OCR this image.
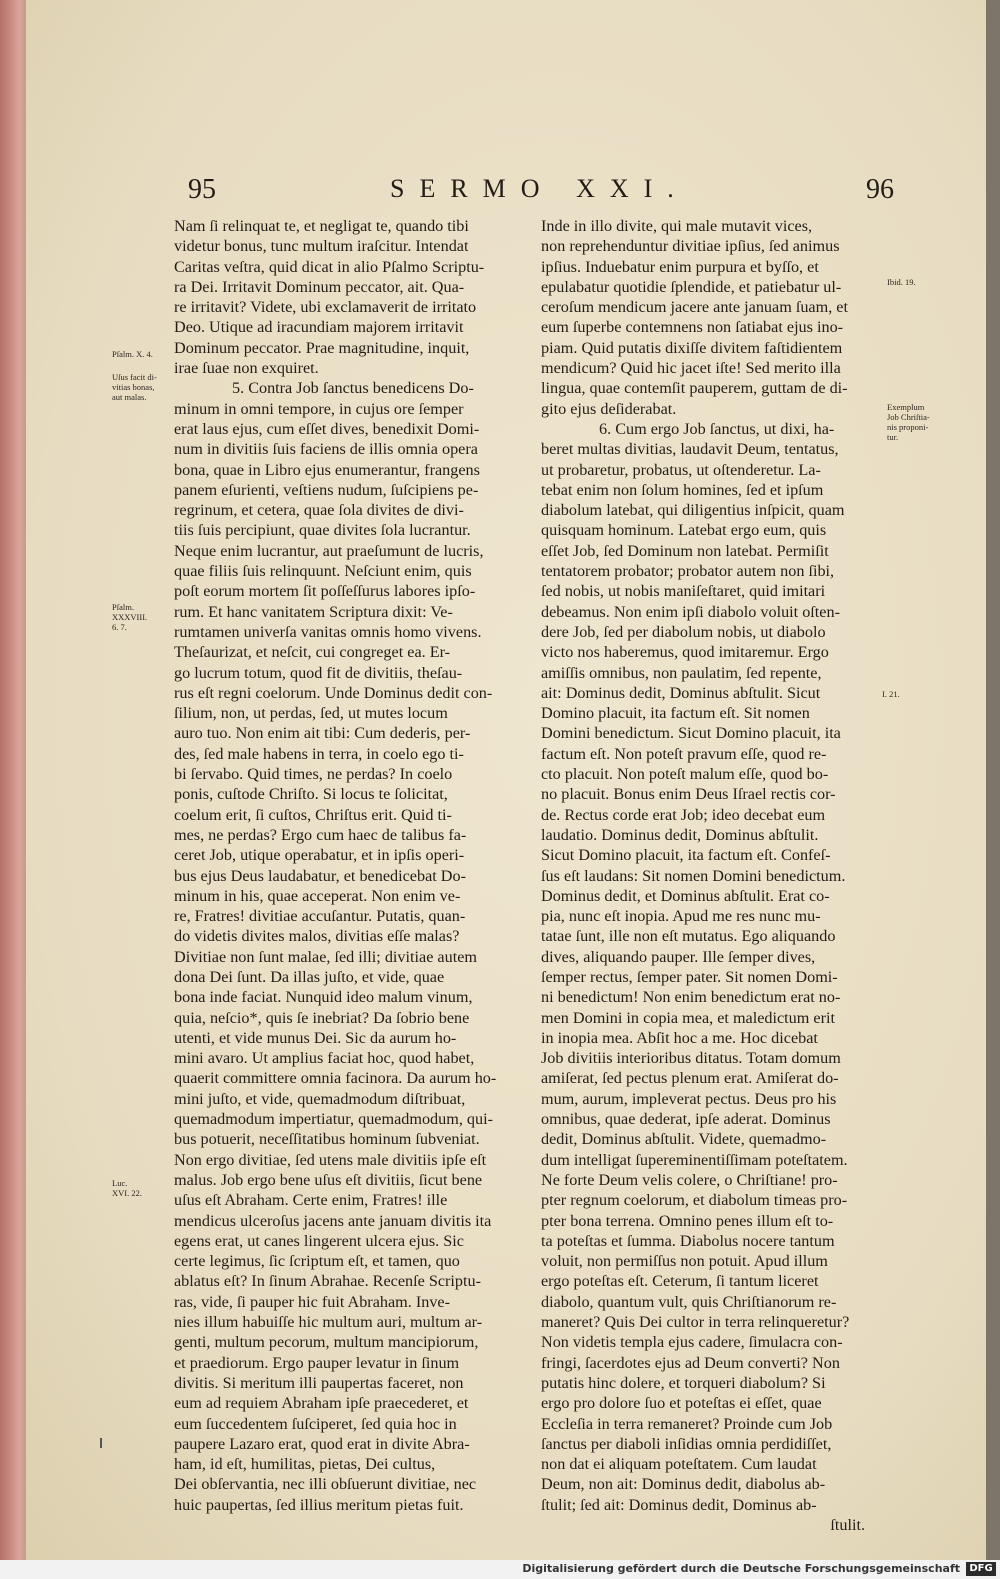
95	SERMO XXI.	96
Pſalm. X. 4.
Uſus facit di-
vitias bonas,
aut malas.
Pſalm.
XXXVIII.
6. 7.
Luc.
XVI. 22.
Ibid. 19.
Exemplum
Job Chriſtia-
nis proponi-
tur.
I. 21.
Nam ſi relinquat te, et negligat te, quando tibi
videtur bonus, tunc multum iraſcitur. Intendat
Caritas veſtra, quid dicat in alio Pſalmo Scriptu-
ra Dei. Irritavit Dominum peccator, ait. Qua-
re irritavit? Videte, ubi exclamaverit de irritato
Deo. Utique ad iracundiam majorem irritavit
Dominum peccator. Prae magnitudine, inquit,
irae ſuae non exquiret.
5. Contra Job ſanctus benedicens Do-
minum in omni tempore, in cujus ore ſemper
erat laus ejus, cum eſſet dives, benedixit Domi-
num in divitiis ſuis faciens de illis omnia opera
bona, quae in Libro ejus enumerantur, frangens
panem eſurienti, veſtiens nudum, ſuſcipiens pe-
regrinum, et cetera, quae ſola divites de divi-
tiis ſuis percipiunt, quae divites ſola lucrantur.
Neque enim lucrantur, aut praeſumunt de lucris,
quae filiis ſuis relinquunt. Neſciunt enim, quis
poſt eorum mortem ſit poſſeſſurus labores ipſo-
rum. Et hanc vanitatem Scriptura dixit: Ve-
rumtamen univerſa vanitas omnis homo vivens.
Theſaurizat, et neſcit, cui congreget ea. Er-
go lucrum totum, quod fit de divitiis, theſau-
rus eſt regni coelorum. Unde Dominus dedit con-
ſilium, non, ut perdas, ſed, ut mutes locum
auro tuo. Non enim ait tibi: Cum dederis, per-
des, ſed male habens in terra, in coelo ego ti-
bi ſervabo. Quid times, ne perdas? In coelo
ponis, cuſtode Chriſto. Si locus te ſolicitat,
coelum erit, ſi cuſtos, Chriſtus erit. Quid ti-
mes, ne perdas? Ergo cum haec de talibus fa-
ceret Job, utique operabatur, et in ipſis operi-
bus ejus Deus laudabatur, et benedicebat Do-
minum in his, quae acceperat. Non enim ve-
re, Fratres! divitiae accuſantur. Putatis, quan-
do videtis divites malos, divitias eſſe malas?
Divitiae non ſunt malae, ſed illi; divitiae autem
dona Dei ſunt. Da illas juſto, et vide, quae
bona inde faciat. Nunquid ideo malum vinum,
quia, neſcio*, quis ſe inebriat? Da ſobrio bene
utenti, et vide munus Dei. Sic da aurum ho-
mini avaro. Ut amplius faciat hoc, quod habet,
quaerit committere omnia facinora. Da aurum ho-
mini juſto, et vide, quemadmodum diſtribuat,
quemadmodum impertiatur, quemadmodum, qui-
bus potuerit, neceſſitatibus hominum ſubveniat.
Non ergo divitiae, ſed utens male divitiis ipſe eſt
malus. Job ergo bene uſus eſt divitiis, ſicut bene
uſus eſt Abraham. Certe enim, Fratres! ille
mendicus ulceroſus jacens ante januam divitis ita
egens erat, ut canes lingerent ulcera ejus. Sic
certe legimus, ſic ſcriptum eſt, et tamen, quo
ablatus eſt? In ſinum Abrahae. Recenſe Scriptu-
ras, vide, ſi pauper hic fuit Abraham. Inve-
nies illum habuiſſe hic multum auri, multum ar-
genti, multum pecorum, multum mancipiorum,
et praediorum. Ergo pauper levatur in ſinum
divitis. Si meritum illi paupertas faceret, non
eum ad requiem Abraham ipſe praecederet, et
eum ſuccedentem ſuſciperet, ſed quia hoc in
paupere Lazaro erat, quod erat in divite Abra-
ham, id eſt, humilitas, pietas, Dei cultus,
Dei obſervantia, nec illi obſuerunt divitiae, nec
huic paupertas, ſed illius meritum pietas fuit.
Inde in illo divite, qui male mutavit vices,
non reprehenduntur divitiae ipſius, ſed animus
ipſius. Induebatur enim purpura et byſſo, et
epulabatur quotidie ſplendide, et patiebatur ul-
ceroſum mendicum jacere ante januam ſuam, et
eum ſuperbe contemnens non ſatiabat ejus ino-
piam. Quid putatis dixiſſe divitem faſtidientem
mendicum? Quid hic jacet iſte! Sed merito illa
lingua, quae contemſit pauperem, guttam de di-
gito ejus deſiderabat.
6. Cum ergo Job ſanctus, ut dixi, ha-
beret multas divitias, laudavit Deum, tentatus,
ut probaretur, probatus, ut oſtenderetur. La-
tebat enim non ſolum homines, ſed et ipſum
diabolum latebat, qui diligentius inſpicit, quam
quisquam hominum. Latebat ergo eum, quis
eſſet Job, ſed Dominum non latebat. Permiſit
tentatorem probator; probator autem non ſibi,
ſed nobis, ut nobis maniſeſtaret, quid imitari
debeamus. Non enim ipſi diabolo voluit oſten-
dere Job, ſed per diabolum nobis, ut diabolo
victo nos haberemus, quod imitaremur. Ergo
amiſſis omnibus, non paulatim, ſed repente,
ait: Dominus dedit, Dominus abſtulit. Sicut
Domino placuit, ita factum eſt. Sit nomen
Domini benedictum. Sicut Domino placuit, ita
factum eſt. Non poteſt pravum eſſe, quod re-
cto placuit. Non poteſt malum eſſe, quod bo-
no placuit. Bonus enim Deus Iſrael rectis cor-
de. Rectus corde erat Job; ideo decebat eum
laudatio. Dominus dedit, Dominus abſtulit.
Sicut Domino placuit, ita factum eſt. Confeſ-
ſus eſt laudans: Sit nomen Domini benedictum.
Dominus dedit, et Dominus abſtulit. Erat co-
pia, nunc eſt inopia. Apud me res nunc mu-
tatae ſunt, ille non eſt mutatus. Ego aliquando
dives, aliquando pauper. Ille ſemper dives,
ſemper rectus, ſemper pater. Sit nomen Domi-
ni benedictum! Non enim benedictum erat no-
men Domini in copia mea, et maledictum erit
in inopia mea. Abſit hoc a me. Hoc dicebat
Job divitiis interioribus ditatus. Totam domum
amiſerat, ſed pectus plenum erat. Amiſerat do-
mum, aurum, impleverat pectus. Deus pro his
omnibus, quae dederat, ipſe aderat. Dominus
dedit, Dominus abſtulit. Videte, quemadmo-
dum intelligat ſupereminentiſſimam poteſtatem.
Ne forte Deum velis colere, o Chriſtiane! pro-
pter regnum coelorum, et diabolum timeas pro-
pter bona terrena. Omnino penes illum eſt to-
ta poteſtas et ſumma. Diabolus nocere tantum
voluit, non permiſſus non potuit. Apud illum
ergo poteſtas eſt. Ceterum, ſi tantum liceret
diabolo, quantum vult, quis Chriſtianorum re-
maneret? Quis Dei cultor in terra relinqueretur?
Non videtis templa ejus cadere, ſimulacra con-
fringi, ſacerdotes ejus ad Deum converti? Non
putatis hinc dolere, et torqueri diabolum? Si
ergo pro dolore ſuo et poteſtas ei eſſet, quae
Eccleſia in terra remaneret? Proinde cum Job
ſanctus per diaboli inſidias omnia perdidiſſet,
non dat ei aliquam poteſtatem. Cum laudat
Deum, non ait: Dominus dedit, diabolus ab-
ſtulit; ſed ait: Dominus dedit, Dominus ab-
ſtulit.
Digitalisierung gefördert durch die Deutsche Forschungsgemeinschaft DFG
